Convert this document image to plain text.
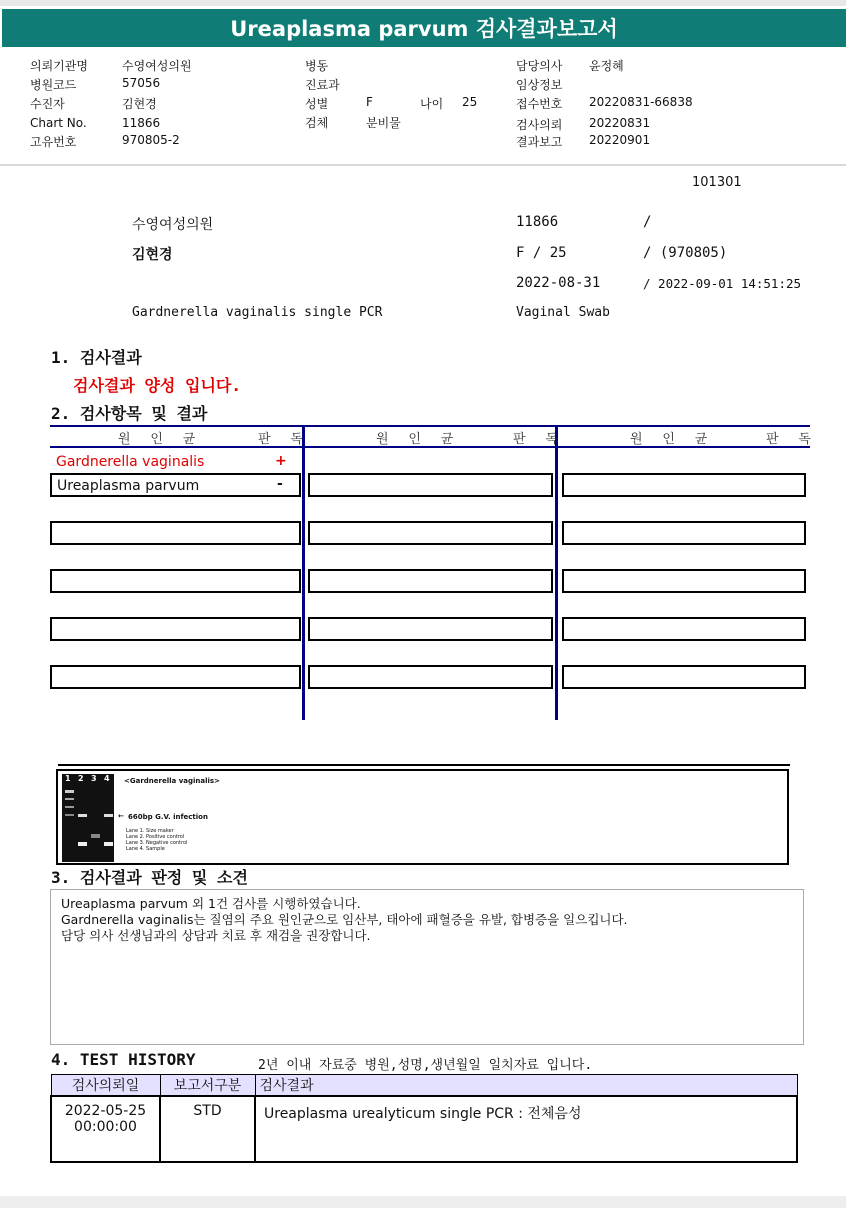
Ureaplasma parvum 검사결과보고서
의뢰기관명	수영여성의원
병원코드	57056
수진자	김현경
Chart No.	11866
고유번호	970805-2
병동
진료과
성별	F	나이 25
검체	분비물
담당의사 윤정혜
임상정보
접수번호 20220831-66838
검사의뢰 20220831
결과보고 20220901
101301
수영여성의원	11866	/
김현경	F / 25	/ (970805)
2022-08-31	/ 2022-09-01 14:51:25
Gardnerella vaginalis single PCR	Vaginal Swab
1. 검사결과
검사결과 양성 입니다.
2. 검사항목 및 결과
원 인 균	판 독	원 인 균	판 독	원 인 균	판 독
Gardnerella vaginalis	+
Ureaplasma parvum	-
1 2 3 4 <Gardnerella vaginalis>
← 660bp G.V. infection
Lane 1. Size maker
Lane 2. Positive control
Lane 3. Negative control
Lane 4. Sample
3. 검사결과 판정 및 소견
Ureaplasma parvum 외 1건 검사를 시행하였습니다.
Gardnerella vaginalis는 질염의 주요 원인균으로 임산부, 태아에 패혈증을 유발, 합병증을 일으킵니다.
담당 의사 선생님과의 상담과 치료 후 재검을 권장합니다.
4. TEST HISTORY	2년 이내 자료중 병원,성명,생년월일 일치자료 입니다.
검사의뢰일	보고서구분	검사결과

2022-05-25
00:00:00	STD	Ureaplasma urealyticum single PCR : 전체음성
